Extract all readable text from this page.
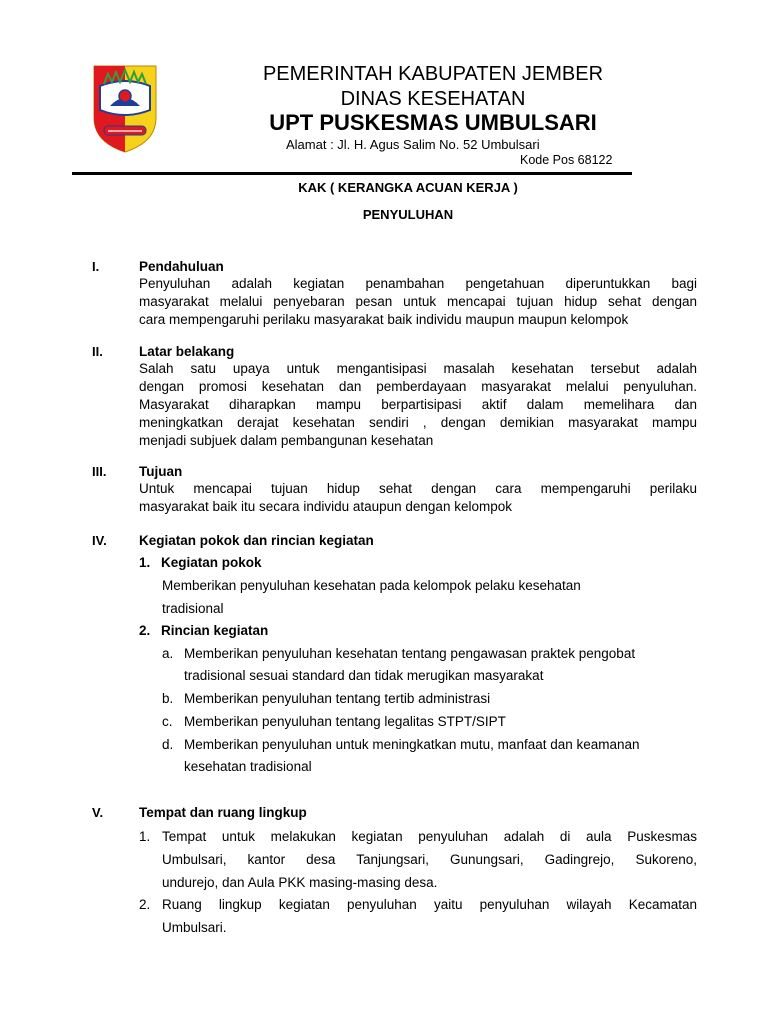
PEMERINTAH KABUPATEN JEMBER
DINAS KESEHATAN
UPT PUSKESMAS UMBULSARI
Alamat : Jl. H. Agus Salim No. 52 Umbulsari
Kode Pos 68122
KAK ( KERANGKA ACUAN KERJA )
PENYULUHAN
I.	Pendahuluan
Penyuluhan adalah kegiatan penambahan pengetahuan diperuntukkan bagi
masyarakat melalui penyebaran pesan untuk mencapai tujuan hidup sehat dengan
cara mempengaruhi perilaku masyarakat baik individu maupun maupun kelompok
II.	Latar belakang
Salah satu upaya untuk mengantisipasi masalah kesehatan tersebut adalah
dengan promosi kesehatan dan pemberdayaan masyarakat melalui penyuluhan.
Masyarakat diharapkan mampu berpartisipasi aktif dalam memelihara dan
meningkatkan derajat kesehatan sendiri , dengan demikian masyarakat mampu
menjadi subjuek dalam pembangunan kesehatan
III. Tujuan
Untuk mencapai tujuan hidup sehat dengan cara mempengaruhi perilaku
masyarakat baik itu secara individu ataupun dengan kelompok
IV. Kegiatan pokok dan rincian kegiatan
1. Kegiatan pokok
Memberikan penyuluhan kesehatan pada kelompok pelaku kesehatan
tradisional
2. Rincian kegiatan
a. Memberikan penyuluhan kesehatan tentang pengawasan praktek pengobat
tradisional sesuai standard dan tidak merugikan masyarakat
b. Memberikan penyuluhan tentang tertib administrasi
c. Memberikan penyuluhan tentang legalitas STPT/SIPT
d. Memberikan penyuluhan untuk meningkatkan mutu, manfaat dan keamanan
kesehatan tradisional
V.	Tempat dan ruang lingkup
1. Tempat untuk melakukan kegiatan penyuluhan adalah di aula Puskesmas
Umbulsari, kantor desa Tanjungsari, Gunungsari, Gadingrejo, Sukoreno,
undurejo, dan Aula PKK masing-masing desa.
2. Ruang lingkup kegiatan penyuluhan yaitu penyuluhan wilayah Kecamatan
Umbulsari.
